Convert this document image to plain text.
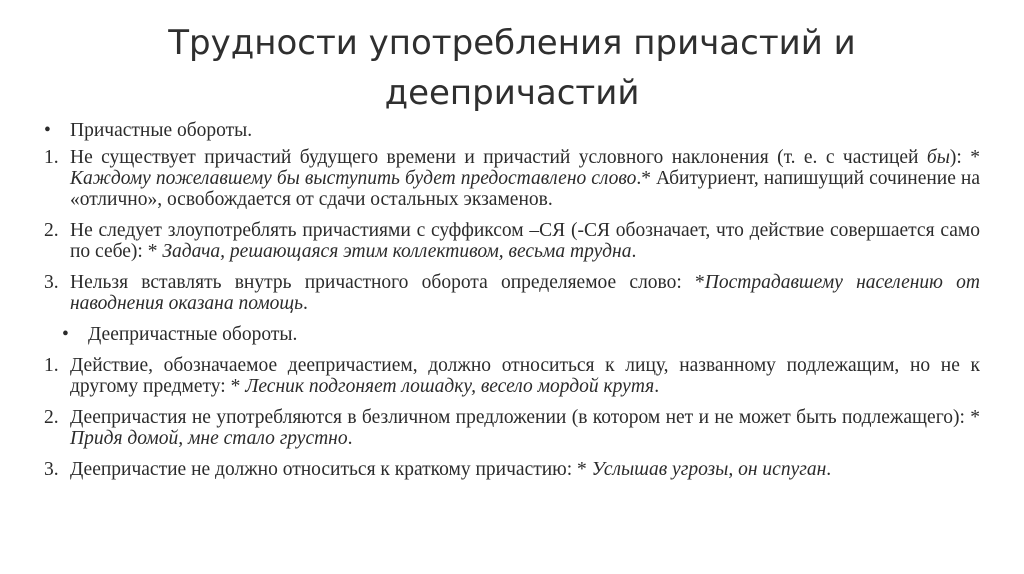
Трудности употребления причастий и деепричастий
• Причастные обороты.
1. Не существует причастий будущего времени и причастий условного наклонения (т. е. с частицей бы): * Каждому пожелавшему бы выступить будет предоставлено слово.* Абитуриент, напишущий сочинение на «отлично», освобождается от сдачи остальных экзаменов.
2. Не следует злоупотреблять причастиями с суффиксом –СЯ (-СЯ обозначает, что действие совершается само по себе): * Задача, решающаяся этим коллективом, весьма трудна.
3. Нельзя вставлять внутрь причастного оборота определяемое слово: *Пострадавшему населению от наводнения оказана помощь.
• Деепричастные обороты.
1. Действие, обозначаемое деепричастием, должно относиться к лицу, названному подлежащим, но не к другому предмету: * Лесник подгоняет лошадку, весело мордой крутя.
2. Деепричастия не употребляются в безличном предложении (в котором нет и не может быть подлежащего): * Придя домой, мне стало грустно.
3. Деепричастие не должно относиться к краткому причастию: * Услышав угрозы, он испуган.
